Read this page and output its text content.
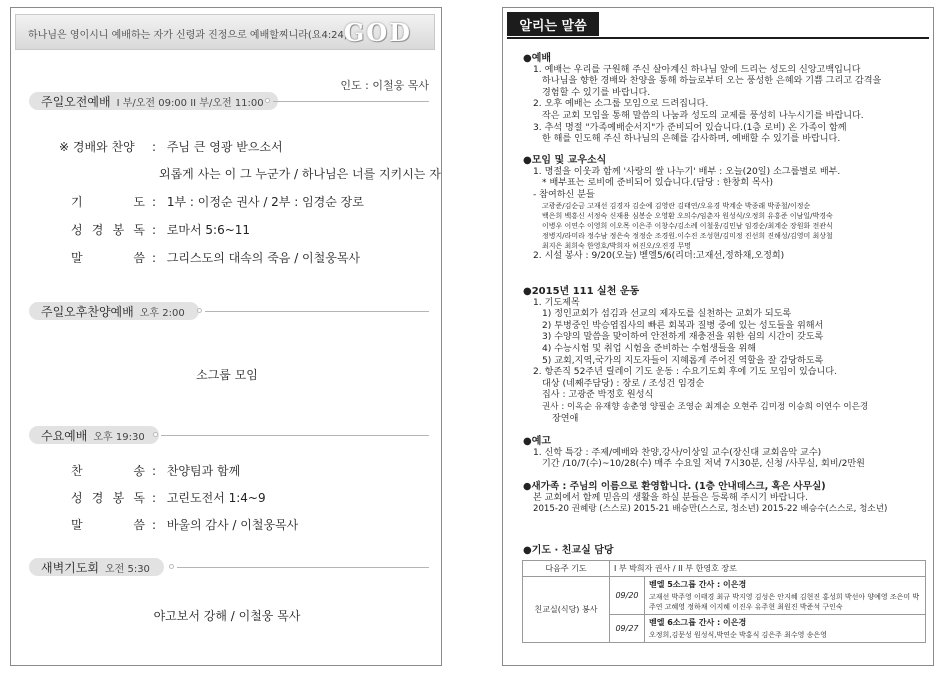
하나님은 영이시니 예배하는 자가 신령과 진정으로 예배할찌니라(요4:24)
GOD
인도 : 이철웅 목사
주일오전예배 I 부/오전 09:00 II 부/오전 11:00
※ 경배와 찬양 : 주님 큰 영광 받으소서
외롭게 사는 이 그 누군가 / 하나님은 너를 지키시는 자
기 도 : 1부 : 이정순 권사 / 2부 : 임경순 장로
성 경 봉 독 : 로마서 5:6~11
말 씀 : 그리스도의 대속의 죽음 / 이철웅목사
주일오후찬양예배 오후 2:00
소그룹 모임
수요예배 오후 19:30
찬 송 : 찬양팀과 함께
성 경 봉 독 : 고린도전서 1:4~9
말 씀 : 바울의 감사 / 이철웅목사
새벽기도회 오전 5:30
야고보서 강해 / 이철웅 목사
알리는 말씀
●예배
1. 예배는 우리를 구원해 주신 살아계신 하나님 앞에 드리는 성도의 신앙고백입니다
하나님을 향한 경배와 찬양을 통해 하늘로부터 오는 풍성한 은혜와 기쁨 그리고 감격을
경험할 수 있기를 바랍니다.
2. 오후 예배는 소그룹 모임으로 드려집니다.
작은 교회 모임을 통해 말씀의 나눔과 성도의 교제를 풍성히 나누시기를 바랍니다.
3. 추석 명절 "가족예배순서지"가 준비되어 있습니다.(1층 로비) 온 가족이 함께
한 해를 인도해 주신 하나님의 은혜를 감사하며, 예배할 수 있기를 바랍니다.
●모임 및 교우소식
1. 명절을 이웃과 함께 '사랑의 쌀 나누기' 배부 : 오늘(20일) 소그룹별로 배부.
* 배부표는 로비에 준비되어 있습니다.(담당 : 한창희 목사)
- 참여하신 분들
고광준/김순금 고재선 김경자 김순예 김영란 김태연/오유경 박계순 박종래 박종철/이정순
백은희 백흥신 서정숙 신재용 심봉순 오영환 오의수/임춘자 원성식/오정희 유흥준 이남일/박경숙
이병우 이연수 이영희 이오목 이은주 이창수/김소례 이철웅/김민남 임경순/최계순 장원화 전관식
정병지/라미라 정수남 정은숙 정정순 조경원.이수진 조성현/김미정 진선희 진해성/김영미 최상철
최지은 최희숙 한영호/박희자 허진오/오진경 무명
2. 시설 봉사 : 9/20(오늘) 벧엘5/6(리더:고재선,정하채,오정희)
●2015년 111 실천 운동
1. 기도제목
1) 정인교회가 섬김과 선교의 제자도를 실천하는 교회가 되도록
2) 투병중인 박승엽집사의 빠른 회복과 질병 중에 있는 성도들을 위해서
3) 수양의 말씀을 맞이하여 안전하게 재충전을 위한 쉼의 시간이 갖도록
4) 수능시험 및 취업 시험을 준비하는 수험생들을 위해
5) 교회,지역,국가의 지도자들이 지혜롭게 주어진 역할을 잘 감당하도록
2. 항존직 52주년 릴레이 기도 운동 : 수요기도회 후에 기도 모임이 있습니다.
대상 (네째주담당) : 장로 / 조성건 임경순
집사 : 고광준 박정호 원성식
권사 : 이옥순 유재향 송춘영 양필순 조영순 최계순 오현주 김미정 이승희 이연수 이은경
장연애
●예고
1. 신학 특강 : 주제/예배와 찬양,강사/이상일 교수(장신대 교회음악 교수)
기간 /10/7(수)~10/28(수) 매주 수요일 저녁 7시30분, 신청 /사무실, 회비/2만원
●새가족 : 주님의 이름으로 환영합니다. (1층 안내데스크, 혹은 사무실)
본 교회에서 함께 믿음의 생활을 하실 분들은 등록해 주시기 바랍니다.
2015-20 권혜랑 (스스로) 2015-21 배승만(스스로, 청소년) 2015-22 배승수(스스로, 청소년)
●기도 · 친교실 담당
다음주 기도	I 부 박희자 권사 / II 부 한영호 장로	
친교실(식당) 봉사	09/20	벧엘 5소그룹 간사 : 이은경
고재선 박주영 이태경 최규 박지영 김성은 안지혜 김현진 홍성희 박선아 양예영 조은미 박주연 고혜영 정하채 이지혜 이진우 유주현 최원진 박준석 구인숙

	09/27	벧엘 6소그룹 간사 : 이은경
오정희,김문성 원성식,박연순 박홍식 김은주 최수영 송은영
